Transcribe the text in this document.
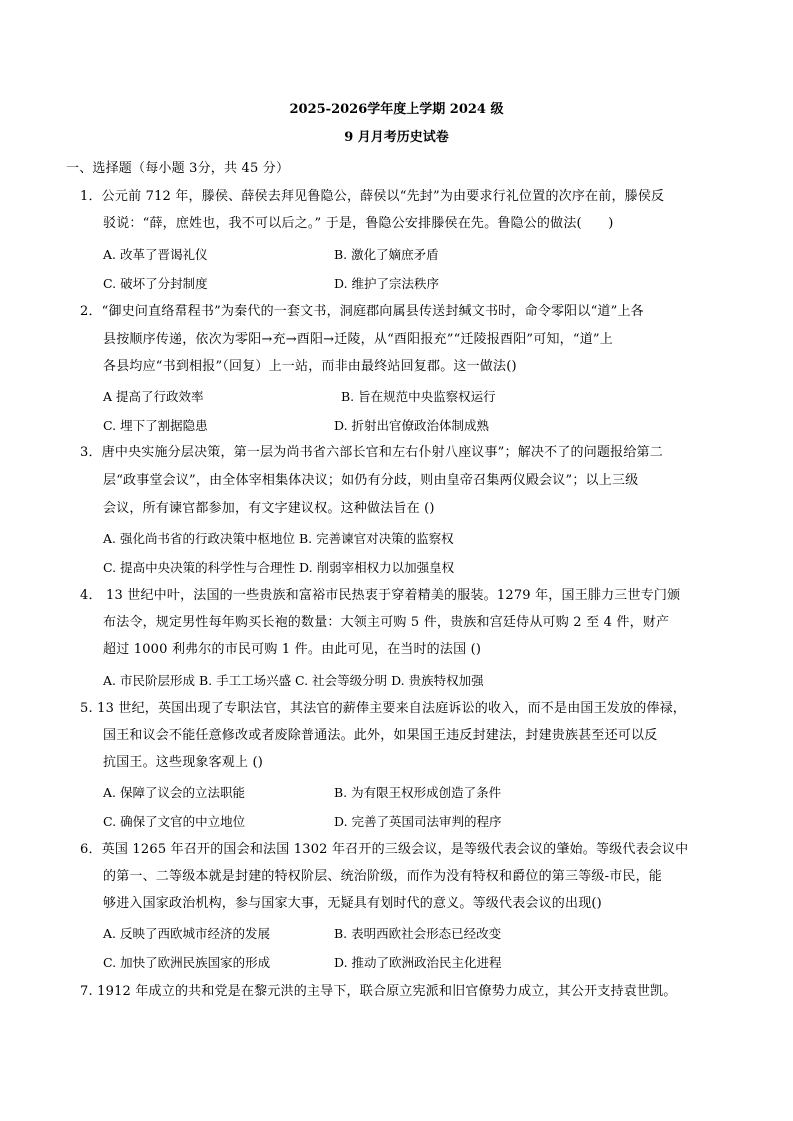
2025-2026学年度上学期 2024 级
9 月月考历史试卷
一、选择题（每小题 3分，共 45 分）
1．公元前 712 年，滕侯、薛侯去拜见鲁隐公，薛侯以“先封”为由要求行礼位置的次序在前，滕侯反
驳说：“薛，庶姓也，我不可以后之。” 于是，鲁隐公安排滕侯在先。鲁隐公的做法(　　)
A. 改革了晋谒礼仪	B. 激化了嫡庶矛盾
C. 破坏了分封制度	D. 维护了宗法秩序
2．“御史问直络帬程书”为秦代的一套文书，洞庭郡向属县传送封缄文书时，命令零阳以“道”上各
县按顺序传递，依次为零阳→充→酉阳→迁陵，从“酉阳报充”“迁陵报酉阳”可知，“道”上
各县均应“书到相报”（回复）上一站，而非由最终站回复郡。这一做法()
A 提高了行政效率	B. 旨在规范中央监察权运行
C. 埋下了割据隐患	D. 折射出官僚政治体制成熟
3．唐中央实施分层决策，第一层为尚书省六部长官和左右仆射八座议事”；解决不了的问题报给第二
层“政事堂会议”，由全体宰相集体决议；如仍有分歧，则由皇帝召集两仪殿会议”；以上三级
会议，所有谏官都参加，有文字建议权。这种做法旨在 ()
A. 强化尚书省的行政决策中枢地位 B. 完善谏官对决策的监察权
C. 提高中央决策的科学性与合理性 D. 削弱宰相权力以加强皇权
4． 13 世纪中叶，法国的一些贵族和富裕市民热衷于穿着精美的服装。1279 年，国王腓力三世专门颁
布法令，规定男性每年购买长袍的数量：大领主可购 5 件，贵族和宫廷侍从可购 2 至 4 件，财产
超过 1000 利弗尔的市民可购 1 件。由此可见，在当时的法国 ()
A. 市民阶层形成 B. 手工工场兴盛 C. 社会等级分明 D. 贵族特权加强
5. 13 世纪，英国出现了专职法官，其法官的薪俸主要来自法庭诉讼的收入，而不是由国王发放的俸禄，
国王和议会不能任意修改或者废除普通法。此外，如果国王违反封建法，封建贵族甚至还可以反
抗国王。这些现象客观上 ()
A. 保障了议会的立法职能	B. 为有限王权形成创造了条件
C. 确保了文官的中立地位	D. 完善了英国司法审判的程序
6．英国 1265 年召开的国会和法国 1302 年召开的三级会议，是等级代表会议的肇始。等级代表会议中
的第一、二等级本就是封建的特权阶层、统治阶级，而作为没有特权和爵位的第三等级-市民，能
够进入国家政治机构，参与国家大事，无疑具有划时代的意义。等级代表会议的出现()
A. 反映了西欧城市经济的发展	B. 表明西欧社会形态已经改变
C. 加快了欧洲民族国家的形成	D. 推动了欧洲政治民主化进程
7. 1912 年成立的共和党是在黎元洪的主导下，联合原立宪派和旧官僚势力成立，其公开支持袁世凯。
